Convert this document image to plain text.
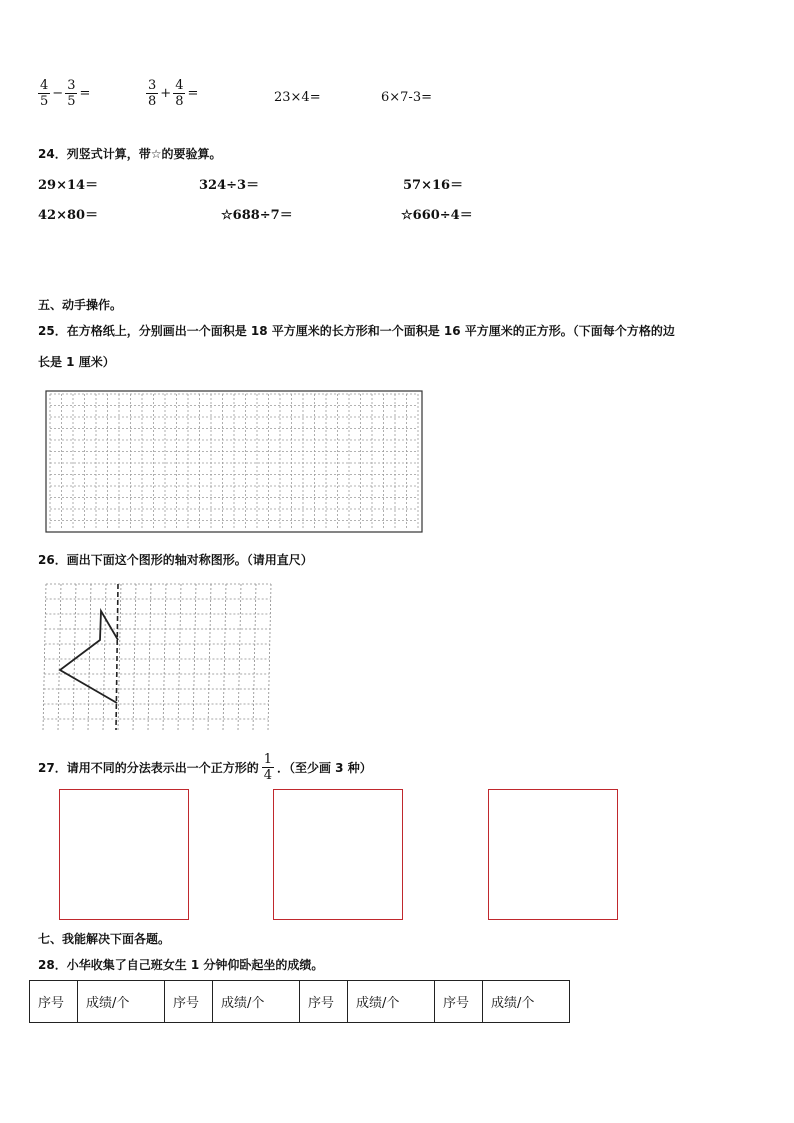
$\frac{4}{5} - \frac{3}{5}$ =	$\frac{3}{8} + \frac{4}{8}$ =	23×4=	6×7-3=
24．列竖式计算，带☆的要验算。
29×14＝	324÷3＝	57×16＝
42×80＝	☆688÷7＝	☆660÷4＝
五、动手操作。
25．在方格纸上，分别画出一个面积是 18 平方厘米的长方形和一个面积是 16 平方厘米的正方形。（下面每个方格的边
长是 1 厘米）
26．画出下面这个图形的轴对称图形。（请用直尺）
27．请用不同的分法表示出一个正方形的 $\frac{1}{4}$ ．（至少画 3 种）
七、我能解决下面各题。
28．小华收集了自己班女生 1 分钟仰卧起坐的成绩。
序号	成绩/个	序号	成绩/个	序号	成绩/个	序号	成绩/个
